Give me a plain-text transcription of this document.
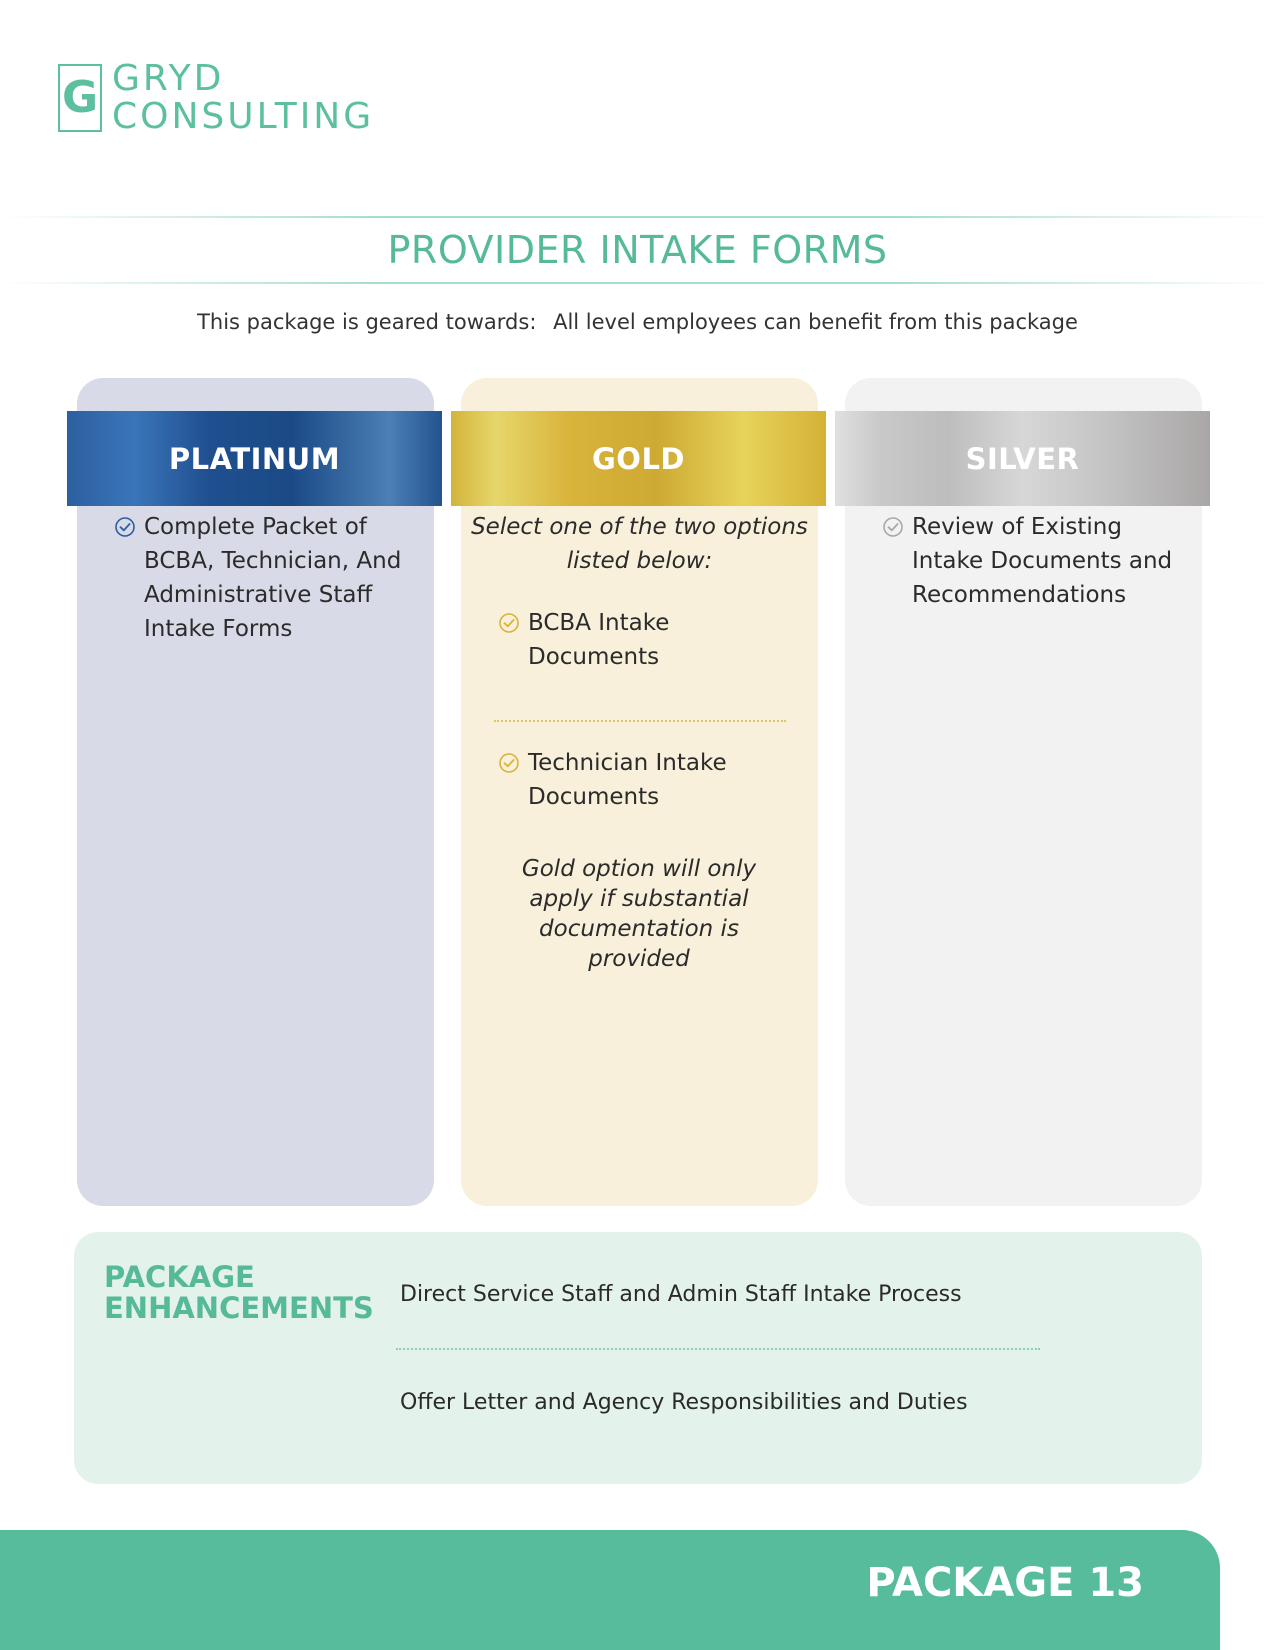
G GRYD
CONSULTING
PROVIDER INTAKE FORMS
This package is geared towards: All level employees can benefit from this package
Complete Packet of BCBA, Technician, And Administrative Staff Intake Forms
Select one of the two options listed below:
BCBA Intake Documents
Technician Intake Documents
Gold option will only apply if substantial documentation is provided
Review of Existing Intake Documents and Recommendations
PLATINUM	GOLD	SILVER
PACKAGE ENHANCEMENTS Direct Service Staff and Admin Staff Intake Process
Offer Letter and Agency Responsibilities and Duties
PACKAGE 13
